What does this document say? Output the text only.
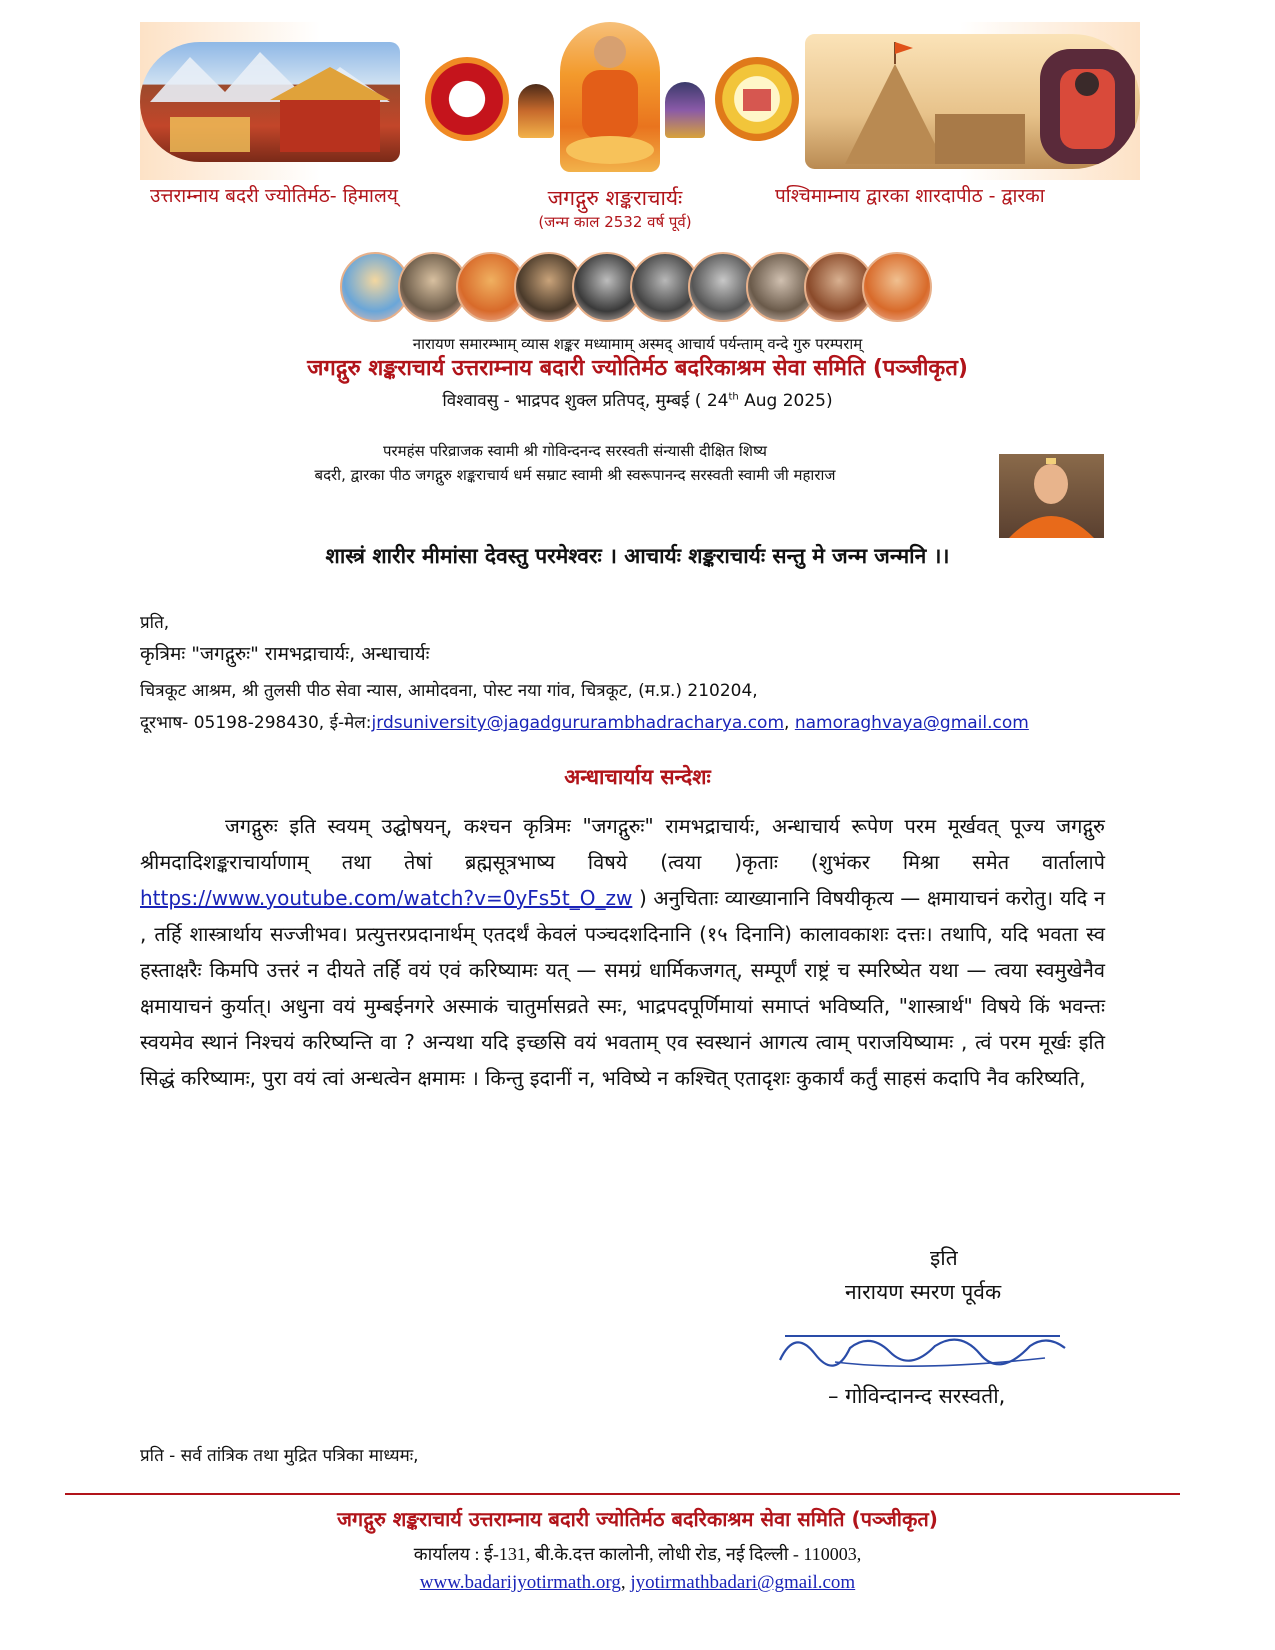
श्री
उत्तराम्नाय बदरी ज्योतिर्मठ- हिमालय्	जगद्गुरु शङ्कराचार्यः
(जन्म काल 2532 वर्ष पूर्व)
पश्चिमाम्नाय द्वारका शारदापीठ - द्वारका
नारायण समारम्भाम् व्यास शङ्कर मध्यामाम् अस्मद् आचार्य पर्यन्ताम् वन्दे गुरु परम्पराम्
जगद्गुरु शङ्कराचार्य उत्तराम्नाय बदारी ज्योतिर्मठ बदरिकाश्रम सेवा समिति (पञ्जीकृत)
विश्वावसु - भाद्रपद शुक्ल प्रतिपद्, मुम्बई ( 24th Aug 2025)
परमहंस परिव्राजक स्वामी श्री गोविन्दनन्द सरस्वती संन्यासी दीक्षित शिष्य
बदरी, द्वारका पीठ जगद्गुरु शङ्कराचार्य धर्म सम्राट स्वामी श्री स्वरूपानन्द सरस्वती स्वामी जी महाराज
शास्त्रं शारीर मीमांसा देवस्तु परमेश्वरः । आचार्यः शङ्कराचार्यः सन्तु मे जन्म जन्मनि ।।
प्रति,
कृत्रिमः "जगद्गुरुः" रामभद्राचार्यः, अन्धाचार्यः
चित्रकूट आश्रम, श्री तुलसी पीठ सेवा न्यास, आमोदवना, पोस्ट नया गांव, चित्रकूट, (म.प्र.) 210204,
दूरभाष- 05198-298430, ई-मेल:jrdsuniversity@jagadgururambhadracharya.com, namoraghvaya@gmail.com
अन्धाचार्याय सन्देशः
जगद्गुरुः इति स्वयम् उद्घोषयन्, कश्चन कृत्रिमः "जगद्गुरुः" रामभद्राचार्यः, अन्धाचार्य रूपेण परम मूर्खवत् पूज्य जगद्गुरु श्रीमदादिशङ्कराचार्याणाम् तथा तेषां ब्रह्मसूत्रभाष्य विषये (त्वया )कृताः (शुभंकर मिश्रा समेत वार्तालापे https://www.youtube.com/watch?v=0yFs5t_O_zw ) अनुचिताः व्याख्यानानि विषयीकृत्य — क्षमायाचनं करोतु। यदि न , तर्हि शास्त्रार्थाय सज्जीभव। प्रत्युत्तरप्रदानार्थम् एतदर्थं केवलं पञ्चदशदिनानि (१५ दिनानि) कालावकाशः दत्तः। तथापि, यदि भवता स्व हस्ताक्षरैः किमपि उत्तरं न दीयते तर्हि वयं एवं करिष्यामः यत् — समग्रं धार्मिकजगत्, सम्पूर्णं राष्ट्रं च स्मरिष्येत यथा — त्वया स्वमुखेनैव क्षमायाचनं कुर्यात्। अधुना वयं मुम्बईनगरे अस्माकं चातुर्मासव्रते स्मः, भाद्रपदपूर्णिमायां समाप्तं भविष्यति, "शास्त्रार्थ" विषये किं भवन्तः स्वयमेव स्थानं निश्चयं करिष्यन्ति वा ? अन्यथा यदि इच्छसि वयं भवताम् एव स्वस्थानं आगत्य त्वाम् पराजयिष्यामः , त्वं परम मूर्खः इति सिद्धं करिष्यामः, पुरा वयं त्वां अन्धत्वेन क्षमामः । किन्तु इदानीं न, भविष्ये न कश्चित् एतादृशः कुकार्यं कर्तुं साहसं कदापि नैव करिष्यति,
इति
नारायण स्मरण पूर्वक
– गोविन्दानन्द सरस्वती,
प्रति - सर्व तांत्रिक तथा मुद्रित पत्रिका माध्यमः,
जगद्गुरु शङ्कराचार्य उत्तराम्नाय बदारी ज्योतिर्मठ बदरिकाश्रम सेवा समिति (पञ्जीकृत)
कार्यालय : ई-131, बी.के.दत्त कालोनी, लोधी रोड, नई दिल्ली - 110003,
www.badarijyotirmath.org, jyotirmathbadari@gmail.com
